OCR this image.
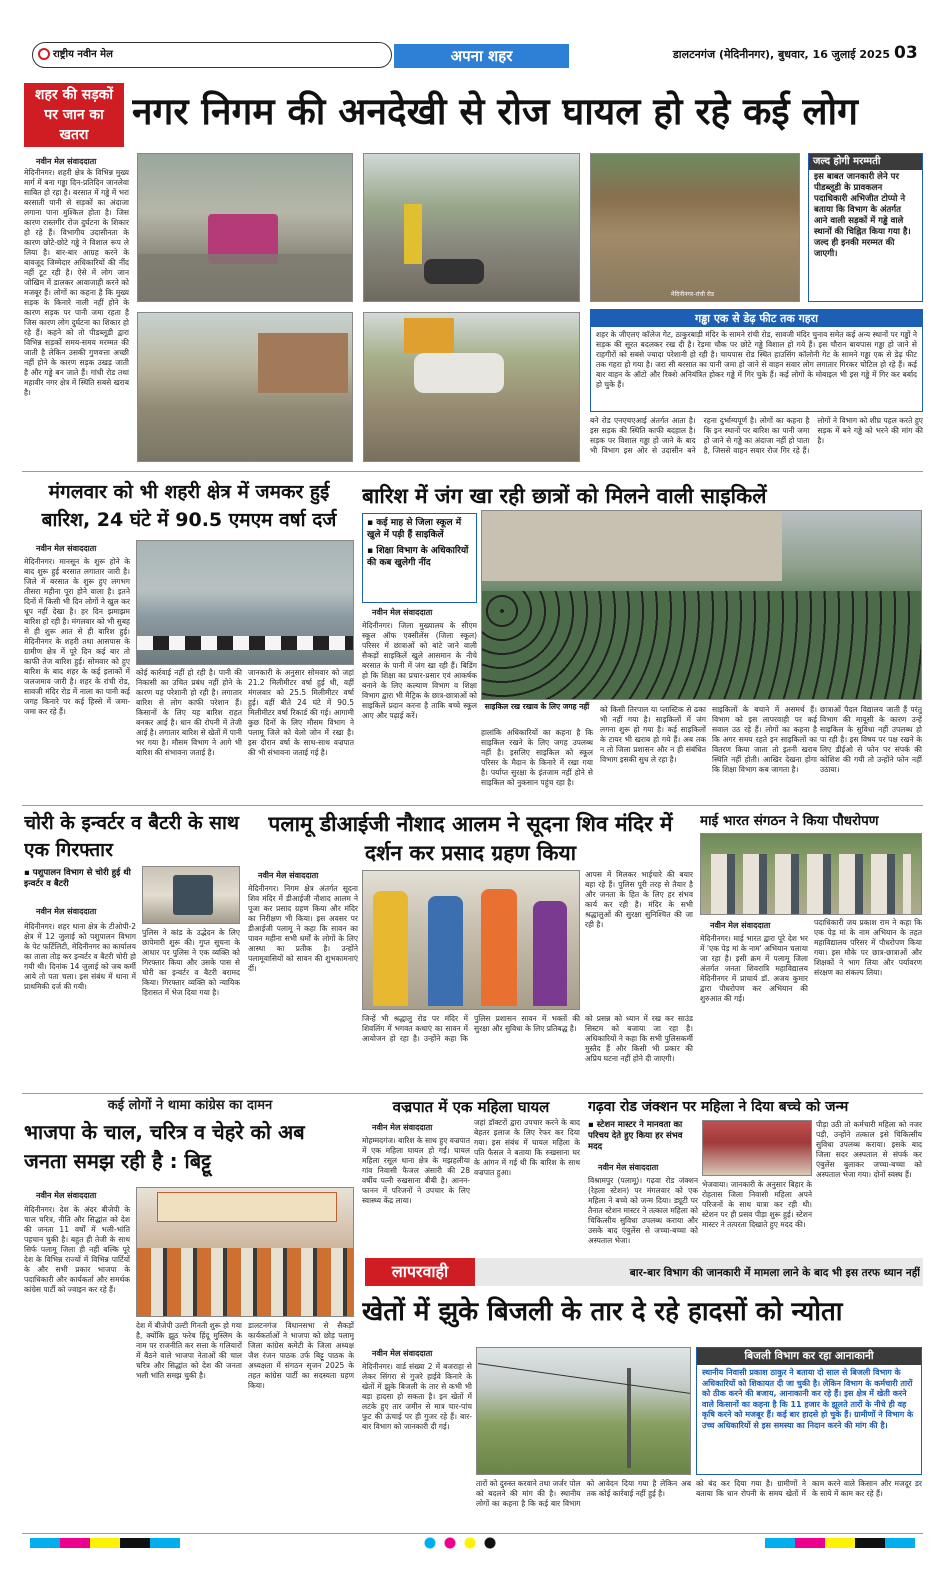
राष्ट्रीय नवीन मेल	अपना शहर	डालटनगंज (मेदिनीनगर), बुधवार, 16 जुलाई 2025 03
शहर की सड़कों पर जान का खतरा
नगर निगम की अनदेखी से रोज घायल हो रहे कई लोग
नवीन मेल संवाददाता
मेदिनीनगर। शहरी क्षेत्र के विभिन्न मुख्य मार्ग में बना गड्ढा दिन-प्रतिदिन जानलेवा साबित हो रहा है। बरसात में गड्ढे में भरा बरसाती पानी से सड़कों का अंदाजा लगाना पाना मुश्किल होता है। जिस कारण रास्तगीर रोज दुर्घटना के शिकार हो रहे हैं। विभागीय उदासीनता के कारण छोटे-छोटे गड्ढे ने विशाल रूप ले लिया है। बार-बार आग्रह करने के बावजूद जिम्मेदार अधिकारियों की नींद नहीं टूट रही है। ऐसे में लोग जान जोखिम में डालकर आवाजाही करने को मजबूर हैं। लोगों का कहना है कि मुख्य सड़क के किनारे नाली नहीं होने के कारण सड़क पर पानी जमा रहता है जिस कारण लोग दुर्घटना का शिकार हो रहे हैं। कहने को तो पीडब्लूडी द्वारा विभिन्न सड़कों समय-समय मरम्मत की जाती है लेकिन उसकी गुणवत्ता अच्छी नहीं होने के कारण सड़क उखड़ जाती है और गड्ढे बन जाते हैं। गांधी रोड तथा महावीर नगर क्षेत्र में स्थिति सबसे खराब है।
मेदिनीनगर-रांची रोड
जल्द होगी मरम्मती
इस बाबत जानकारी लेने पर पीडब्लूडी के प्रावकलन पदाधिकारी अभिजीत टोप्पो ने बताया कि विभाग के अंतर्गत आने वाली सड़कों में गड्ढे वाले स्थानों की चिह्नित किया गया है। जल्द ही इनकी मरम्मत की जाएगी।
गड्ढा एक से डेढ़ फीट तक गहरा
शहर के जीएलए कॉलेज गेट, ठाकुरबाड़ी मंदिर के सामने रांची रोड, सावजी मंदिर चुनाव समेत कई अन्य स्थानों पर गड्ढों ने सड़क की सूरत बदलकर रख दी है। रेड़मा चौक पर छोटे गड्ढे विशाल हो गये हैं। इस चौरान बायपास गड्ढा हो जाने से राहगीरों को सबसे ज्यादा परेशानी हो रही है। चायपास रोड स्थित हाउसिंग कॉलोनी गेट के सामने गड्ढा एक से डेढ़ फीट तक गहरा हो गया है। जरा सी बरसात का पानी जमा हो जाने से वाहन सवार लोग लगातार गिरकर चोटिल हो रहे हैं। कई बार वाहन के ऑटो और रिक्शे अनियंत्रित होकर गड्ढे में गिर चुके हैं। कई लोगों के मोबाइल भी इस गड्ढे में गिर कर बर्बाद हो चुके हैं।
बने रोड एनएचएआई अंतर्गत आता है। इस सड़क की स्थिति काफी बदहाल है। सड़क पर विशाल गड्ढा हो जाने के बाद भी विभाग इस ओर से उदासीन बने रहना दुर्भाग्यपूर्ण है। लोगों का कहना है कि इन स्थानों पर बारिश का पानी जमा हो जाने से गड्ढे का अंदाजा नहीं हो पाता है, जिससे वाहन सवार रोज गिर रहे हैं। लोगों ने विभाग को शीघ्र पहल करते हुए सड़क में बने गड्ढे को भरने की मांग की है।
मंगलवार को भी शहरी क्षेत्र में जमकर हुई बारिश, 24 घंटे में 90.5 एमएम वर्षा दर्ज
नवीन मेल संवाददाता
मेदिनीनगर। मानसून के शुरू होने के बाद शुरू हुई बरसात लगातार जारी है। जिले में बरसात के शुरू हुए लगभग तीसरा महीना पूरा होने वाला है। इतने दिनों में किसी भी दिन लोगों ने खुल कर धूप नहीं देखा है। हर दिन झमाझम बारिश हो रही है। मंगलवार को भी सुबह से ही शुरू आत से ही बारिश हुई। मेदिनीनगर के शहरी तथा आसपास के ग्रामीण क्षेत्र में पूरे दिन कई बार तो काफी तेज बारिश हुई। सोमवार को हुए बारिश के बाद शहर के कई इलाकों में जलजमाव जारी है। शहर के रांची रोड, सावजी मंदिर रोड में नाला का पानी कई जगह किनारे पर कई हिस्से में जमा-जमा कर रहे हैं।
कोई कार्रवाई नहीं हो रही है। पानी की निकासी का उचित प्रबंध नहीं होने के कारण यह परेशानी हो रही है। लगातार बारिश से लोग काफी परेशान हैं। किसानों के लिए यह बारिश राहत बनकर आई है। धान की रोपनी में तेजी आई है। लगातार बारिश से खेतों में पानी भर गया है। मौसम विभाग ने आगे भी बारिश की संभावना जताई है।
जानकारी के अनुसार सोमवार को जहां 21.2 मिलीमीटर वर्षा हुई थी, वहीं मंगलवार को 25.5 मिलीमीटर वर्षा हुई। वहीं बीते 24 घंटे में 90.5 मिलीमीटर वर्षा रिकार्ड की गई। आगामी कुछ दिनों के लिए मौसम विभाग ने पलामू जिले को येलो जोन में रखा है। इस दौरान वर्षा के साथ-साथ वज्रपात की भी संभावना जताई गई है।
बारिश में जंग खा रही छात्रों को मिलने वाली साइकिलें
▪ कई माह से जिला स्कूल में खुले में पड़ी हैं साइकिलें
▪ शिक्षा विभाग के अधिकारियों की कब खुलेगी नींद
नवीन मेल संवाददाता
मेदिनीनगर। जिला मुख्यालय के सीएम स्कूल ऑफ एक्सीलेंस (जिला स्कूल) परिसर में छात्राओं को बांटे जाने वाली सैकड़ों साइकिलें खुले आसमान के नीचे बरसात के पानी में जंग खा रही हैं। बिडिंग हो कि शिक्षा का प्रचार-प्रसार एवं आकर्षक बनाने के लिए कल्याण विभाग व शिक्षा विभाग द्वारा भी मैट्रिक के छात्र-छात्राओं को साइकिलें प्रदान करना है ताकि बच्चे स्कूल आए और पढ़ाई करें।
साइकिल रख रखाव के लिए जगह नहीं
हालांकि अधिकारियों का कहना है कि साइकिल रखने के लिए जगह उपलब्ध नहीं है। इसलिए साइकिल को स्कूल परिसर के मैदान के किनारे में रखा गया है। पर्याप्त सुरक्षा के इंतजाम नहीं होने से साइकिल को नुकसान पहुंच रहा है।
को किसी तिरपाल या प्लास्टिक से ढका भी नहीं गया है। साइकिलों में जंग लगना शुरू हो गया है। कई साइकिलों के टायर भी खराब हो गये हैं। अब तक न तो जिला प्रशासन और न ही संबंधित विभाग इसकी सुध ले रहा है।
साइकिलों के बचाने में असमर्थ हैं। विभाग को इस लापरवाही पर कई सवाल उठ रहे हैं। लोगों का कहना है कि अगर समय रहते इन साइकिलों का वितरण किया जाता तो इतनी खराब स्थिति नहीं होती। आखिर देखना होगा कि शिक्षा विभाग कब जागता है।
छात्राओं पैदल विद्यालय जाती हैं परंतु विभाग की मायूसी के कारण उन्हें साइकिल के सुविधा नहीं उपलब्ध हो पा रही है। इस विषय पर पक्ष रखने के लिए डीईओ से फोन पर संपर्क की कोशिश की गयी तो उन्होंने फोन नहीं उठाया।
चोरी के इन्वर्टर व बैटरी के साथ एक गिरफ्तार
▪ पशुपालन विभाग से चोरी हुई थी इन्वर्टर व बैटरी
नवीन मेल संवाददाता
मेदिनीनगर। शहर थाना क्षेत्र के टीओपी-2 क्षेत्र में 12 जुलाई को पशुपालन विभाग के पेट फर्टिलिटी, मेदिनीनगर का कार्यालय का ताला तोड़ कर इन्वर्टर व बैटरी चोरी हो गयी थी। दिनांक 14 जुलाई को जब कर्मी आये तो पता चला। इस संबंध में थाना में प्राथमिकी दर्ज की गयी।
पुलिस ने कांड के उद्भेदन के लिए छापेमारी शुरू की। गुप्त सूचना के आधार पर पुलिस ने एक व्यक्ति को गिरफ्तार किया और उसके पास से चोरी का इन्वर्टर व बैटरी बरामद किया। गिरफ्तार व्यक्ति को न्यायिक हिरासत में भेज दिया गया है।
पलामू डीआईजी नौशाद आलम ने सूदना शिव मंदिर में दर्शन कर प्रसाद ग्रहण किया
नवीन मेल संवाददाता
मेदिनीनगर। निगम क्षेत्र अंतर्गत सूदना शिव मंदिर में डीआईजी नौशाद आलम ने पूजा कर प्रसाद ग्रहण किया और मंदिर का निरीक्षण भी किया। इस अवसर पर डीआईजी पलामू ने कहा कि सावन का पावन महीना सभी धर्मों के लोगों के लिए आस्था का प्रतीक है। उन्होंने पलामूवासियों को सावन की शुभकामनाएं दीं।
आपस में मिलकर भाईचारे की बयार बहा रहे हैं। पुलिस पूरी तरह से तैयार है और जनता के हित के लिए हर संभव कार्य कर रही है। मंदिर के सभी श्रद्धालुओं की सुरक्षा सुनिश्चित की जा रही है।
जिन्हें भी श्रद्धालु रोड पर मंदिर में शिवलिंग में भगवत कथाएं का सावन में आयोजन हो रहा है। उन्होंने कहा कि पुलिस प्रशासन सावन में भक्तों की सुरक्षा और सुविधा के लिए प्रतिबद्ध है।
को प्रसन्न को ध्यान में रख कर साउंड सिस्टम को बजाया जा रहा है। अधिकारियों ने कहा कि सभी पुलिसकर्मी मुस्तैद हैं और किसी भी प्रकार की अप्रिय घटना नहीं होने दी जाएगी।
माई भारत संगठन ने किया पौधरोपण
नवीन मेल संवाददाता
मेदिनीनगर। माई भारत द्वारा पूरे देश भर में 'एक पेड़ मां के नाम' अभियान चलाया जा रहा है। इसी क्रम में पलामू जिला अंतर्गत जनता शिवरात्रि महाविद्यालय मेदिनीनगर में प्राचार्य डॉ. अजय कुमार द्वारा पौधरोपण कर अभियान की शुरुआत की गई।
पदाधिकारी जय प्रकाश राम ने कहा कि एक पेड़ मां के नाम अभियान के तहत महाविद्यालय परिसर में पौधरोपण किया गया। इस मौके पर छात्र-छात्राओं और शिक्षकों ने भाग लिया और पर्यावरण संरक्षण का संकल्प लिया।
कई लोगों ने थामा कांग्रेस का दामन
भाजपा के चाल, चरित्र व चेहरे को अब जनता समझ रही है : बिट्टू
नवीन मेल संवाददाता
मेदिनीनगर। देश के अंदर बीजेपी के चाल चरित्र, नीति और सिद्धांत को देश की जनता 11 वर्षों में भली-भांति पहचान चुकी है। बहुत ही तेजी के साथ सिर्फ पलामू जिला ही नहीं बल्कि पूरे देश के विभिन्न राज्यों में विभिन्न पार्टियों के और सभी प्रकार भाजपा के पदाधिकारी और कार्यकर्ता और समर्थक कांग्रेस पार्टी को ज्वाइन कर रहे हैं।
देश में बीजेपी उल्टी गिनती शुरू हो गया है, क्योंकि झूठ फरेब हिंदू मुस्लिम के नाम पर राजनीति कर सत्ता के गलियारों में बैठने वाले भाजपा नेताओं की चाल चरित्र और सिद्धांत को देश की जनता भली भांति समझ चुकी है।
डालटनगंज विधानसभा से सैकड़ों कार्यकर्ताओं ने भाजपा को छोड़ पलामू जिला कांग्रेस कमेटी के जिला अध्यक्ष जैश रंजन पाठक उर्फ बिट्टू पाठक के अध्यक्षता में संगठन सृजन 2025 के तहत कांग्रेस पार्टी का सदस्यता ग्रहण किया।
वज्रपात में एक महिला घायल
नवीन मेल संवाददाता
मोहम्मदगंज। बारिश के साथ हुए वज्रपात में एक महिला घायल हो गईं। घायल महिला रसूल थाना क्षेत्र के मझहलीया गांव निवासी फैजल अंसारी की 28 वर्षीय पत्नी रुखसाना बीबी है। आनन-फानन में परिजनों ने उपचार के लिए स्वास्थ्य केंद्र लाया।
जहां डॉक्टरों द्वारा उपचार करने के बाद बेहतर इलाज के लिए रेफर कर दिया गया। इस संबंध में घायल महिला के पति फैसल ने बताया कि रुखसाना घर के आंगन में गई थी कि बारिश के साथ वज्रपात हुआ।
गढ़वा रोड जंक्शन पर महिला ने दिया बच्चे को जन्म
▪ स्टेशन मास्टर ने मानवता का परिचय देते हुए किया हर संभव मदद
नवीन मेल संवाददाता
विश्रामपुर (पलामू)। गढ़वा रोड जंक्शन (रेहला स्टेशन) पर मंगलवार को एक महिला ने बच्चे को जन्म दिया। ड्यूटी पर तैनात स्टेशन मास्टर ने तत्काल महिला को चिकित्सीय सुविधा उपलब्ध कराया और उसके बाद एंबुलेंस से जच्चा-बच्चा को अस्पताल भेजा।
भेजवाया। जानकारी के अनुसार बिहार के रोहतास जिला निवासी महिला अपने परिजनों के साथ यात्रा कर रही थी। स्टेशन पर ही प्रसव पीड़ा शुरू हुई। स्टेशन मास्टर ने तत्परता दिखाते हुए मदद की।
पीड़ा उठी तो कर्मचारी महिला को नजर पड़ी, उन्होंने तत्काल इसे चिकित्सीय सुविधा उपलब्ध कराया। इसके बाद जिला सदर अस्पताल से संपर्क कर एंबुलेंस बुलाकर जच्चा-बच्चा को अस्पताल भेजा गया। दोनों स्वस्थ हैं।
लापरवाही	बार-बार विभाग की जानकारी में मामला लाने के बाद भी इस तरफ ध्यान नहीं
खेतों में झुके बिजली के तार दे रहे हादसों को न्योता
नवीन मेल संवाददाता
मेदिनीनगर। वार्ड संख्या 2 में बजराहा से लेकर सिंगरा से गुजरे हाईवे किनारे के खेतों में झुके बिजली के तार से कभी भी बड़ा हादसा हो सकता है। इन खेतों में लटके हुए तार जमीन से मात्र चार-पांच फुट की ऊंचाई पर ही गुजर रहे हैं। बार-बार विभाग को जानकारी दी गई।
तारों को दुरुस्त करवाने तथा जर्जर पोल को बदलने की मांग की है। स्थानीय लोगों का कहना है कि कई बार विभाग को आवेदन दिया गया है लेकिन अब तक कोई कार्रवाई नहीं हुई है।
बिजली विभाग कर रहा आनाकानी
स्थानीय निवासी प्रकाश ठाकुर ने बताया दो साल से बिजली विभाग के अधिकारियों को शिकायत दी जा चुकी है। लेकिन विभाग के कर्मचारी तारों को ठीक करने की बजाय, आनाकानी कर रहे हैं। इस क्षेत्र में खेती करने वाले किसानों का कहना है कि 11 हजार के झूलते तारों के नीचे ही वह कृषि करने को मजबूर हैं। कई बार हादसे हो चुके हैं। ग्रामीणों ने विभाग के उच्च अधिकारियों से इस समस्या का निदान करने की मांग की है।
को बंद कर दिया गया है। ग्रामीणों ने बताया कि धान रोपनी के समय खेतों में काम करने वाले किसान और मजदूर डर के साये में काम कर रहे हैं।
